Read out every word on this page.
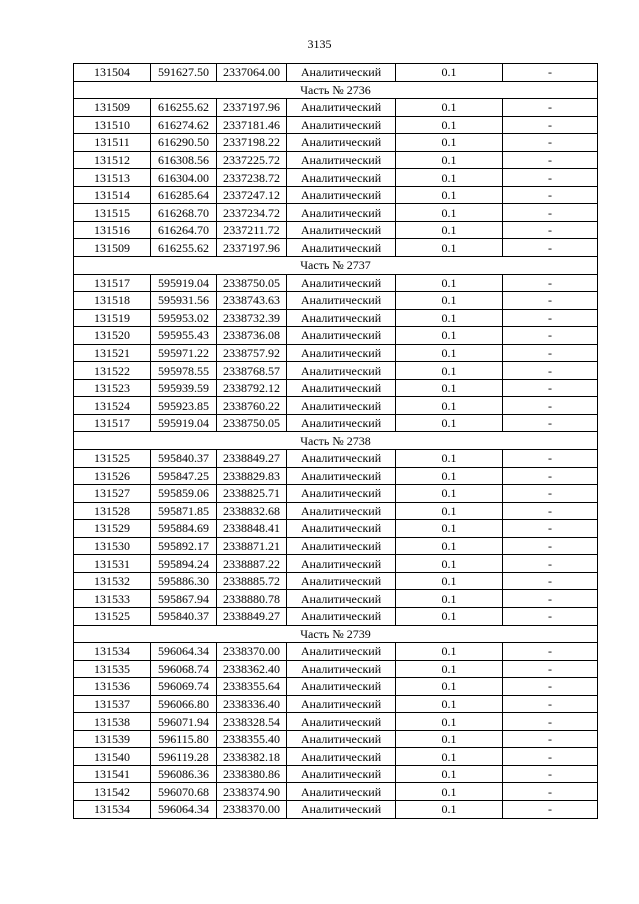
3135
131504	591627.50	2337064.00	Аналитический	0.1	-
Часть № 2736					
131509	616255.62	2337197.96	Аналитический	0.1	-
131510	616274.62	2337181.46	Аналитический	0.1	-
131511	616290.50	2337198.22	Аналитический	0.1	-
131512	616308.56	2337225.72	Аналитический	0.1	-
131513	616304.00	2337238.72	Аналитический	0.1	-
131514	616285.64	2337247.12	Аналитический	0.1	-
131515	616268.70	2337234.72	Аналитический	0.1	-
131516	616264.70	2337211.72	Аналитический	0.1	-
131509	616255.62	2337197.96	Аналитический	0.1	-
Часть № 2737					
131517	595919.04	2338750.05	Аналитический	0.1	-
131518	595931.56	2338743.63	Аналитический	0.1	-
131519	595953.02	2338732.39	Аналитический	0.1	-
131520	595955.43	2338736.08	Аналитический	0.1	-
131521	595971.22	2338757.92	Аналитический	0.1	-
131522	595978.55	2338768.57	Аналитический	0.1	-
131523	595939.59	2338792.12	Аналитический	0.1	-
131524	595923.85	2338760.22	Аналитический	0.1	-
131517	595919.04	2338750.05	Аналитический	0.1	-
Часть № 2738					
131525	595840.37	2338849.27	Аналитический	0.1	-
131526	595847.25	2338829.83	Аналитический	0.1	-
131527	595859.06	2338825.71	Аналитический	0.1	-
131528	595871.85	2338832.68	Аналитический	0.1	-
131529	595884.69	2338848.41	Аналитический	0.1	-
131530	595892.17	2338871.21	Аналитический	0.1	-
131531	595894.24	2338887.22	Аналитический	0.1	-
131532	595886.30	2338885.72	Аналитический	0.1	-
131533	595867.94	2338880.78	Аналитический	0.1	-
131525	595840.37	2338849.27	Аналитический	0.1	-
Часть № 2739					
131534	596064.34	2338370.00	Аналитический	0.1	-
131535	596068.74	2338362.40	Аналитический	0.1	-
131536	596069.74	2338355.64	Аналитический	0.1	-
131537	596066.80	2338336.40	Аналитический	0.1	-
131538	596071.94	2338328.54	Аналитический	0.1	-
131539	596115.80	2338355.40	Аналитический	0.1	-
131540	596119.28	2338382.18	Аналитический	0.1	-
131541	596086.36	2338380.86	Аналитический	0.1	-
131542	596070.68	2338374.90	Аналитический	0.1	-
131534	596064.34	2338370.00	Аналитический	0.1	-
